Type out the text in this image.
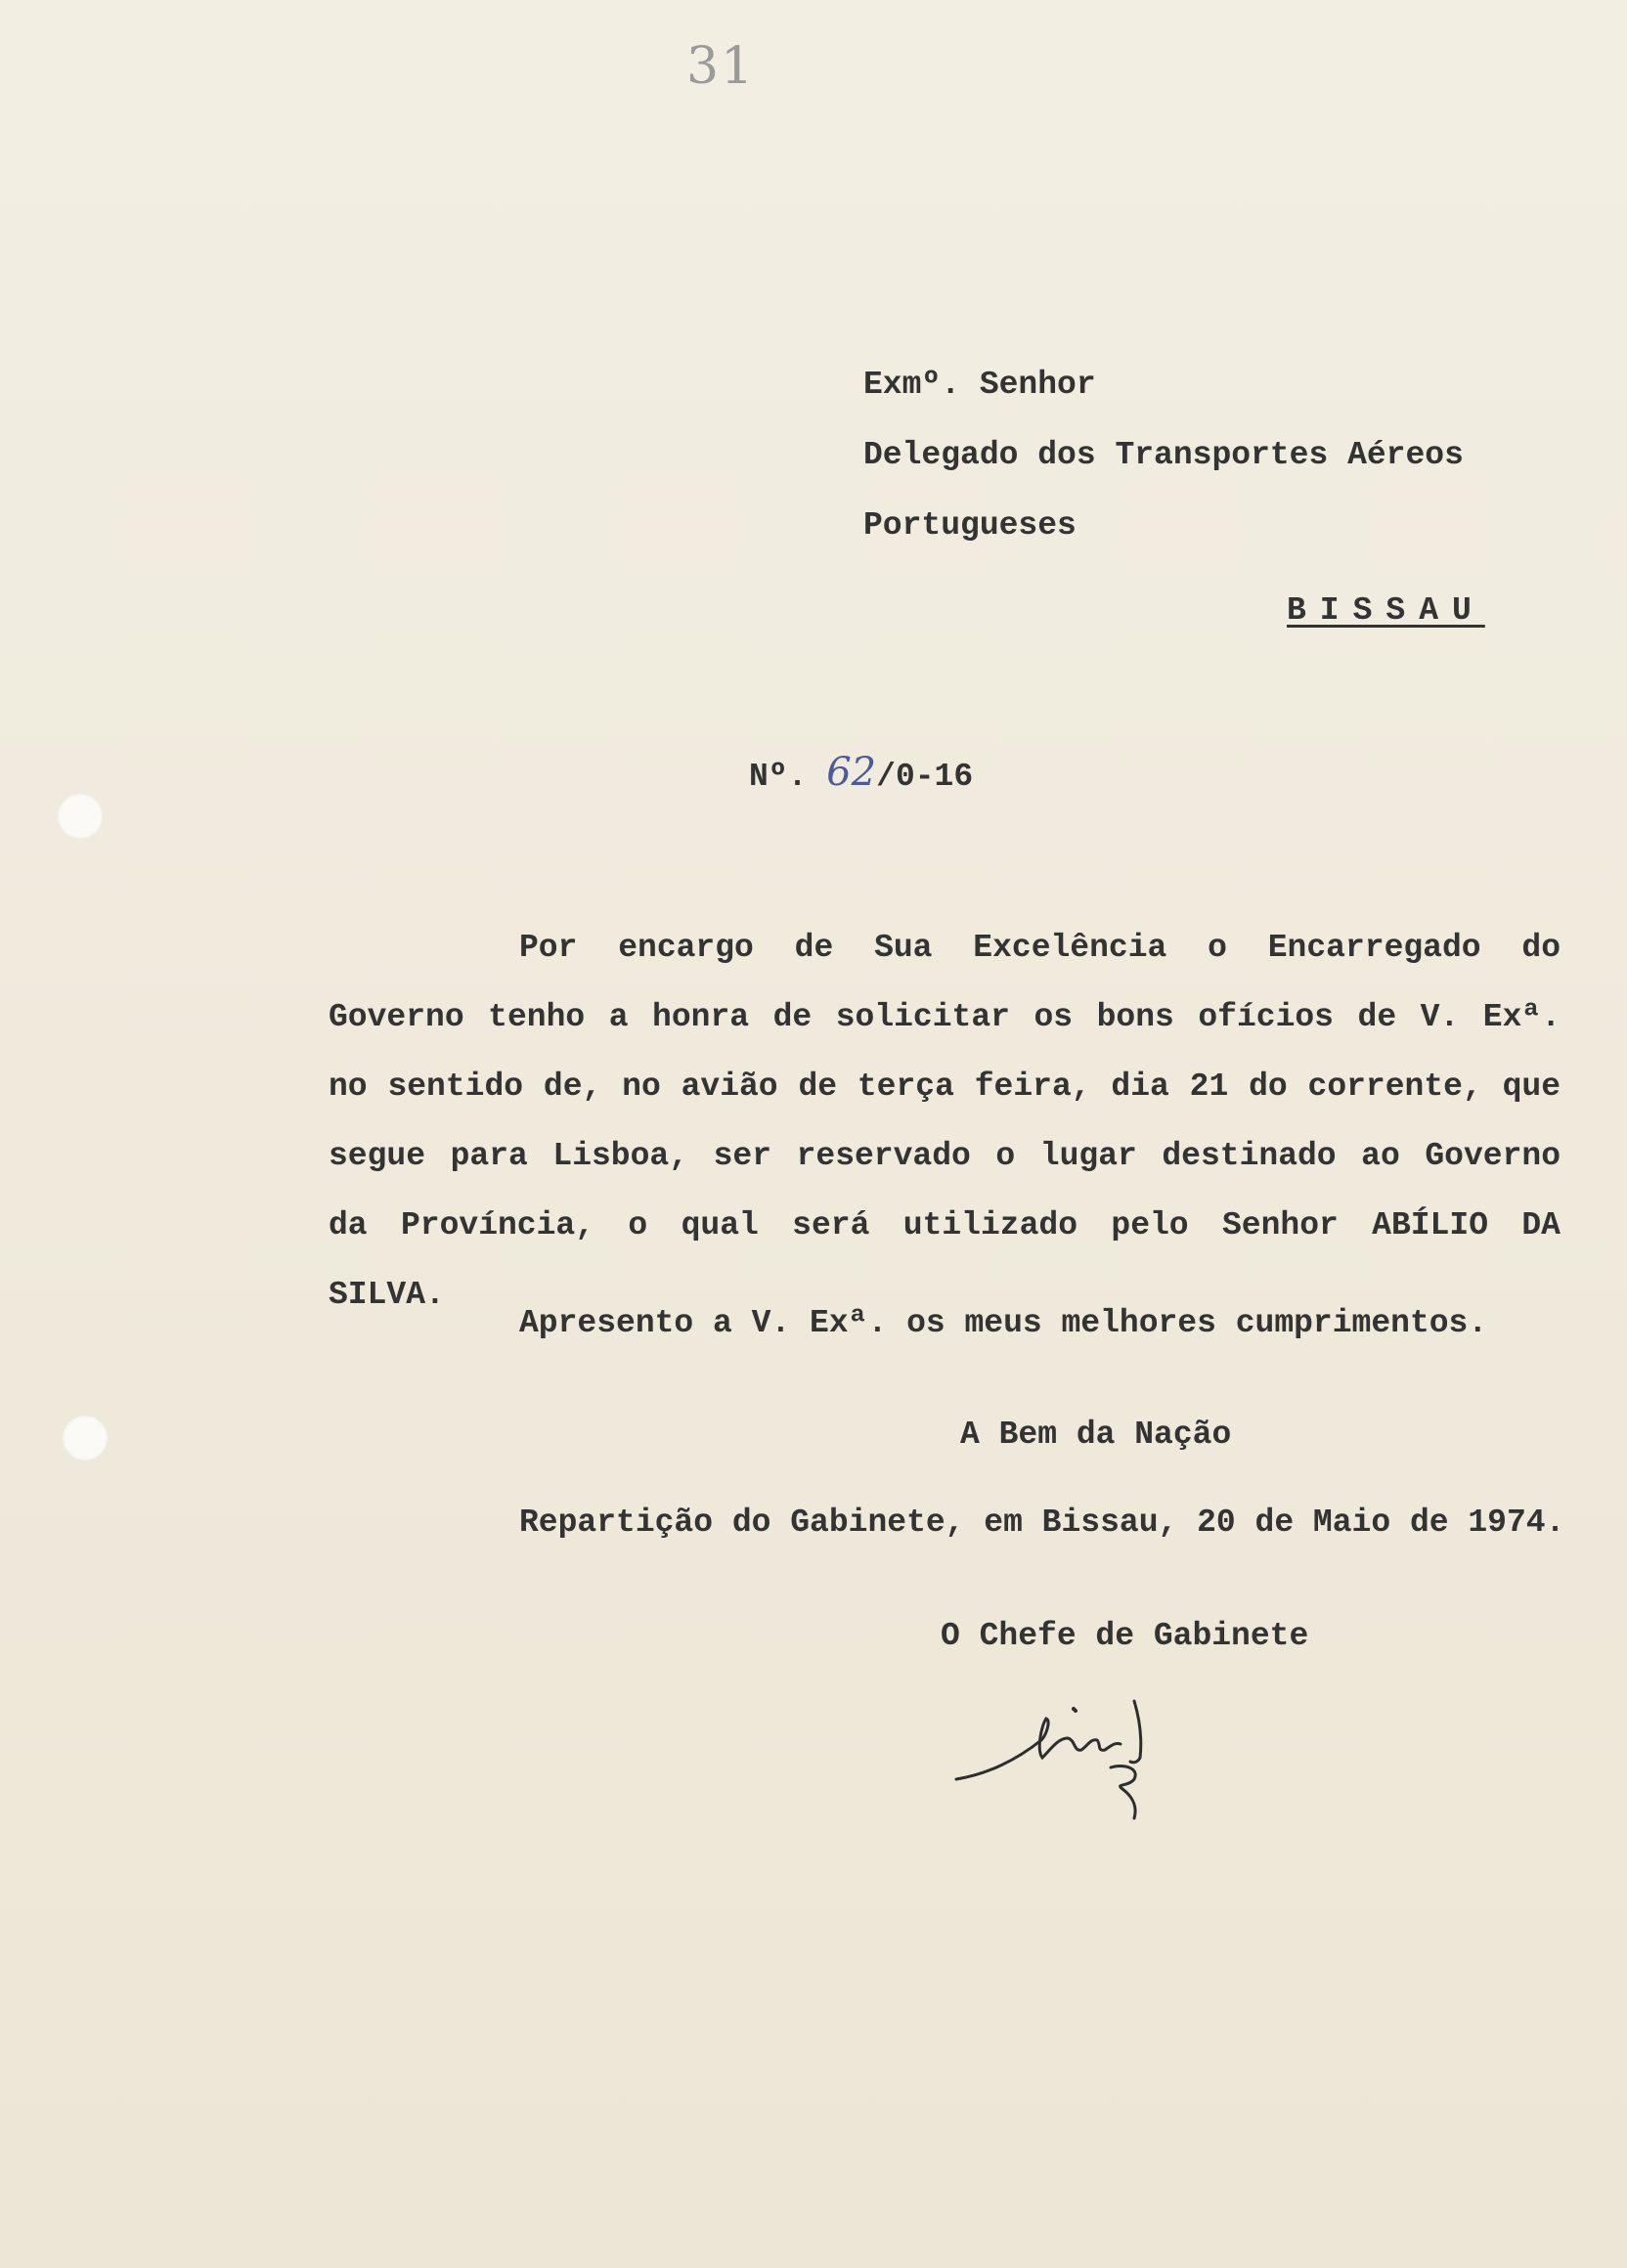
31
Exmº. Senhor
Delegado dos Transportes Aéreos
Portugueses
BISSAU
Nº. 62/0-16
Por encargo de Sua Excelência o Encarregado do Governo tenho a honra de solicitar os bons ofícios de V. Exª. no sentido de, no avião de terça feira, dia 21 do corrente, que segue para Lisboa, ser reservado o lugar destinado ao Governo da Província, o qual será utilizado pelo Senhor ABÍLIO DA SILVA.
Apresento a V. Exª. os meus melhores cumprimentos.
A Bem da Nação
Repartição do Gabinete, em Bissau, 20 de Maio de 1974.
O Chefe de Gabinete
